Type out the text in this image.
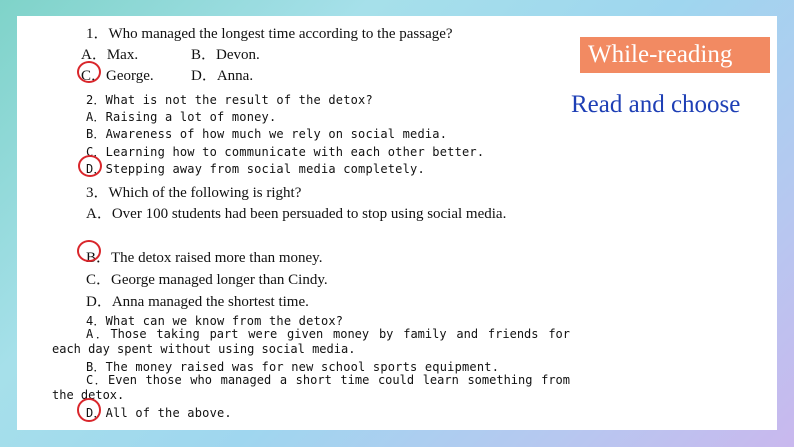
1．Who managed the longest time according to the passage?
A．Max.	B．Devon.
C．George. D．Anna.
2．What is not the result of the detox?
A．Raising a lot of money.
B．Awareness of how much we rely on social media.
C．Learning how to communicate with each other better.
D．Stepping away from social media completely.
3．Which of the following is right?
A．Over 100 students had been persuaded to stop using social media.
B．The detox raised more than money.
C．George managed longer than Cindy.
D．Anna managed the shortest time.
4．What can we know from the detox?
A．Those taking part were given money by family and friends for each day spent without using social media.
B．The money raised was for new school sports equipment.
C．Even those who managed a short time could learn something from the detox.
D．All of the above.
While-reading
Read and choose
